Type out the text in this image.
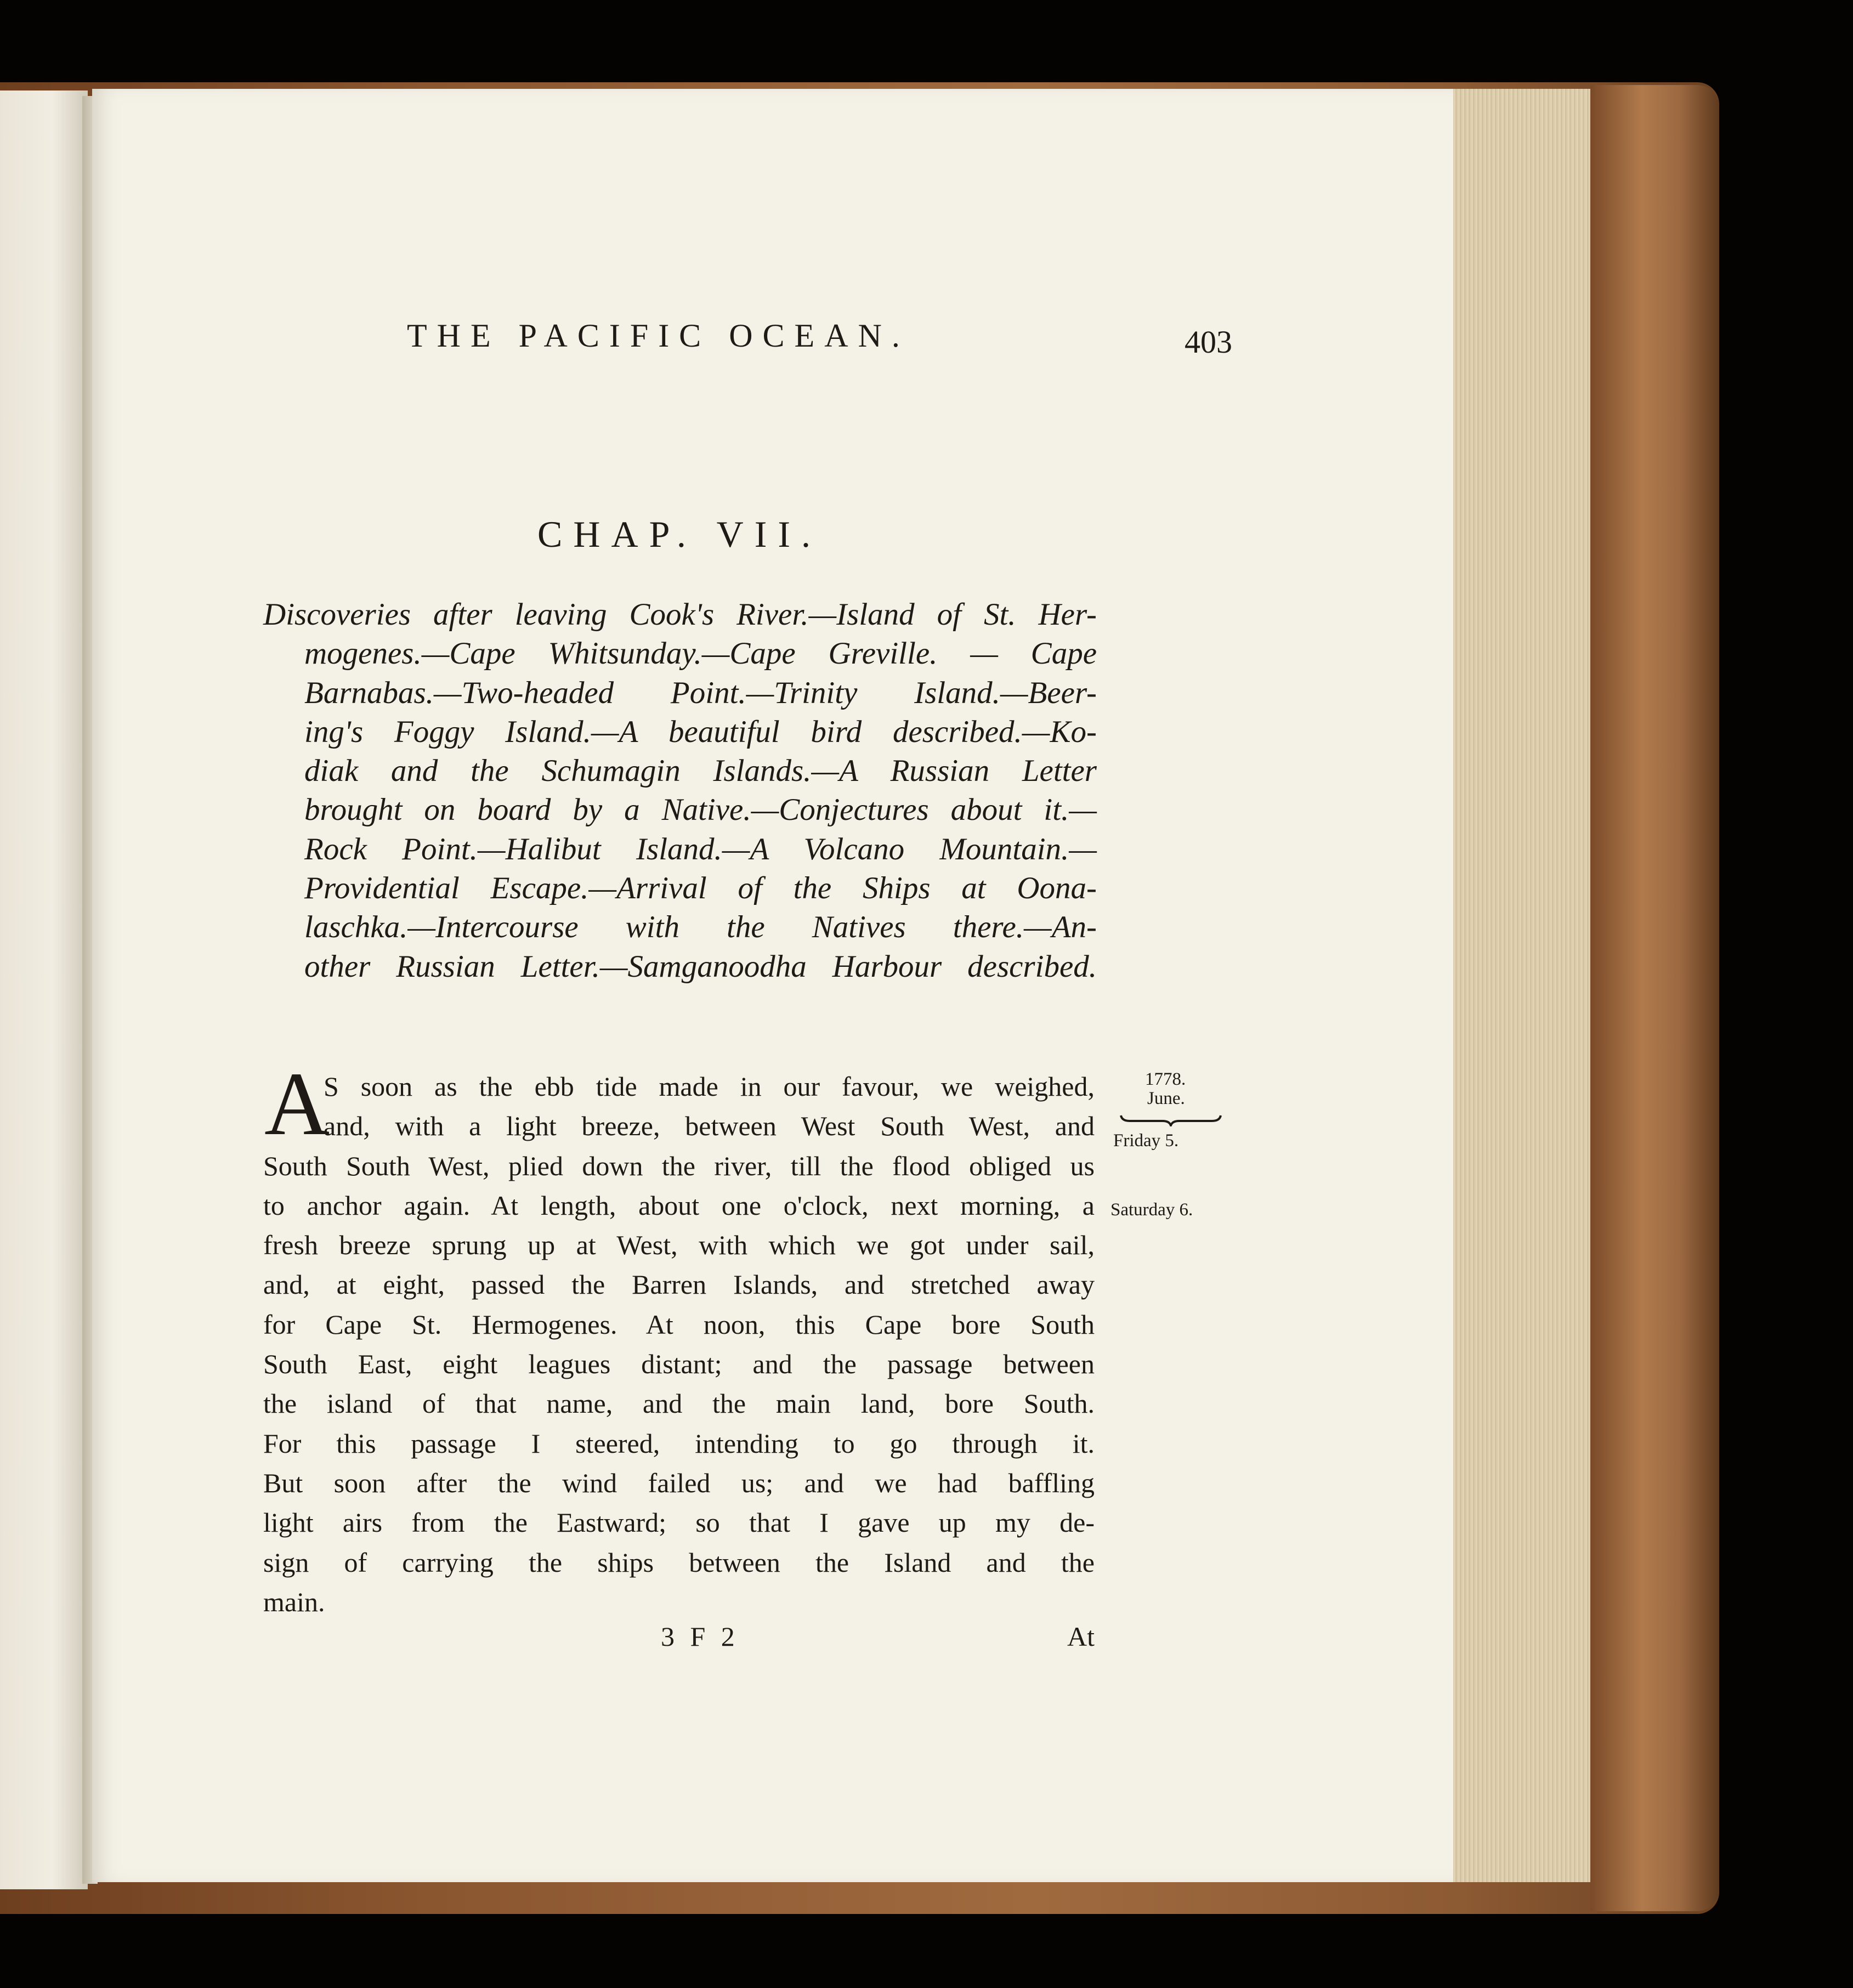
THE PACIFIC OCEAN.	403
CHAP. VII.
Discoveries after leaving Cook's River.—Island of St. Her-
mogenes.—Cape Whitsunday.—Cape Greville. — Cape
Barnabas.—Two-headed Point.—Trinity Island.—Beer-
ing's Foggy Island.—A beautiful bird described.—Ko-
diak and the Schumagin Islands.—A Russian Letter
brought on board by a Native.—Conjectures about it.—
Rock Point.—Halibut Island.—A Volcano Mountain.—
Providential Escape.—Arrival of the Ships at Oona-
laschka.—Intercourse with the Natives there.—An-
other Russian Letter.—Samganoodha Harbour described.
A
S soon as the ebb tide made in our favour, we weighed,
and, with a light breeze, between West South West, and
South South West, plied down the river, till the flood obliged us
to anchor again. At length, about one o'clock, next morning, a
fresh breeze sprung up at West, with which we got under sail,
and, at eight, passed the Barren Islands, and stretched away
for Cape St. Hermogenes. At noon, this Cape bore South
South East, eight leagues distant; and the passage between
the island of that name, and the main land, bore South.
For this passage I steered, intending to go through it.
But soon after the wind failed us; and we had baffling
light airs from the Eastward; so that I gave up my de-
sign of carrying the ships between the Island and the
main.
3 F 2	At
1778.
June.
Friday 5.
Saturday 6.
